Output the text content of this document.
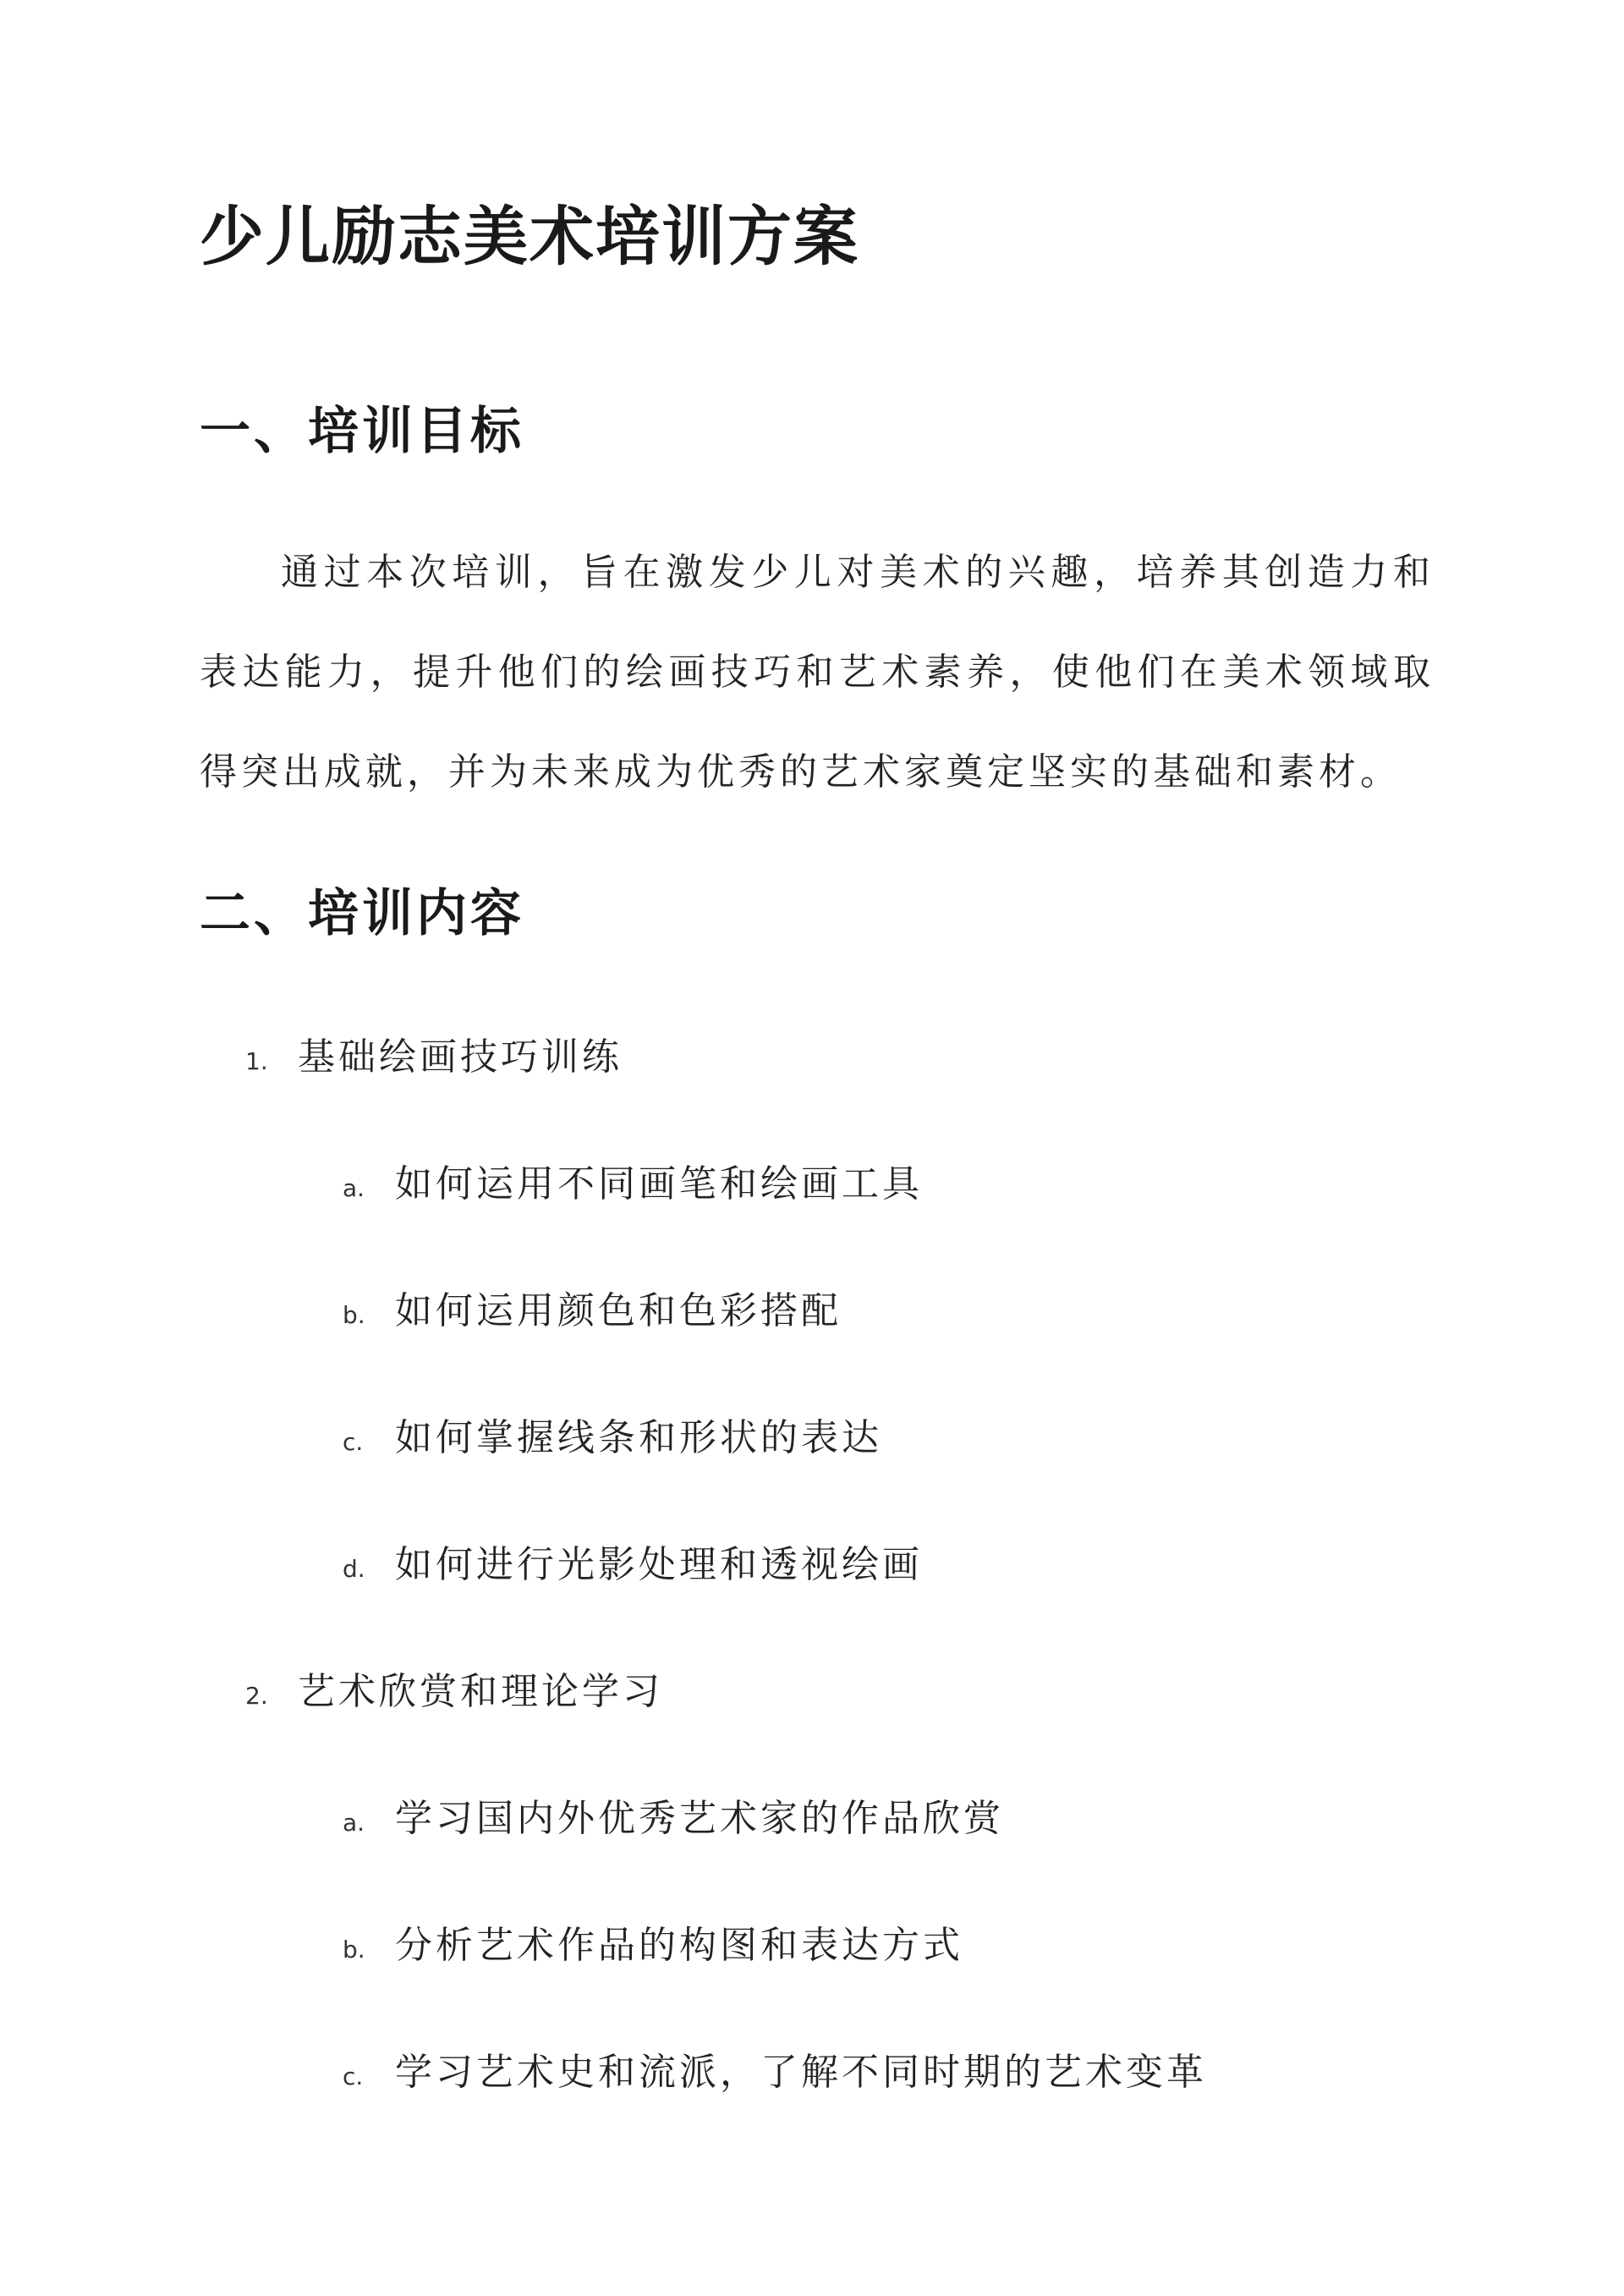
少儿励志美术培训方案
一、培训目标

通过本次培训，旨在激发少儿对美术的兴趣，培养其创造力和表达能力，提升他们的绘画技巧和艺术素养，使他们在美术领域取得突出成就，并为未来成为优秀的艺术家奠定坚实的基础和素材。

二、培训内容
1. 基础绘画技巧训练
a. 如何运用不同画笔和绘画工具
b. 如何运用颜色和色彩搭配
c. 如何掌握线条和形状的表达
d. 如何进行光影处理和透视绘画
2. 艺术欣赏和理论学习
a. 学习国内外优秀艺术家的作品欣赏
b. 分析艺术作品的构图和表达方式
c. 学习艺术史和流派，了解不同时期的艺术变革
